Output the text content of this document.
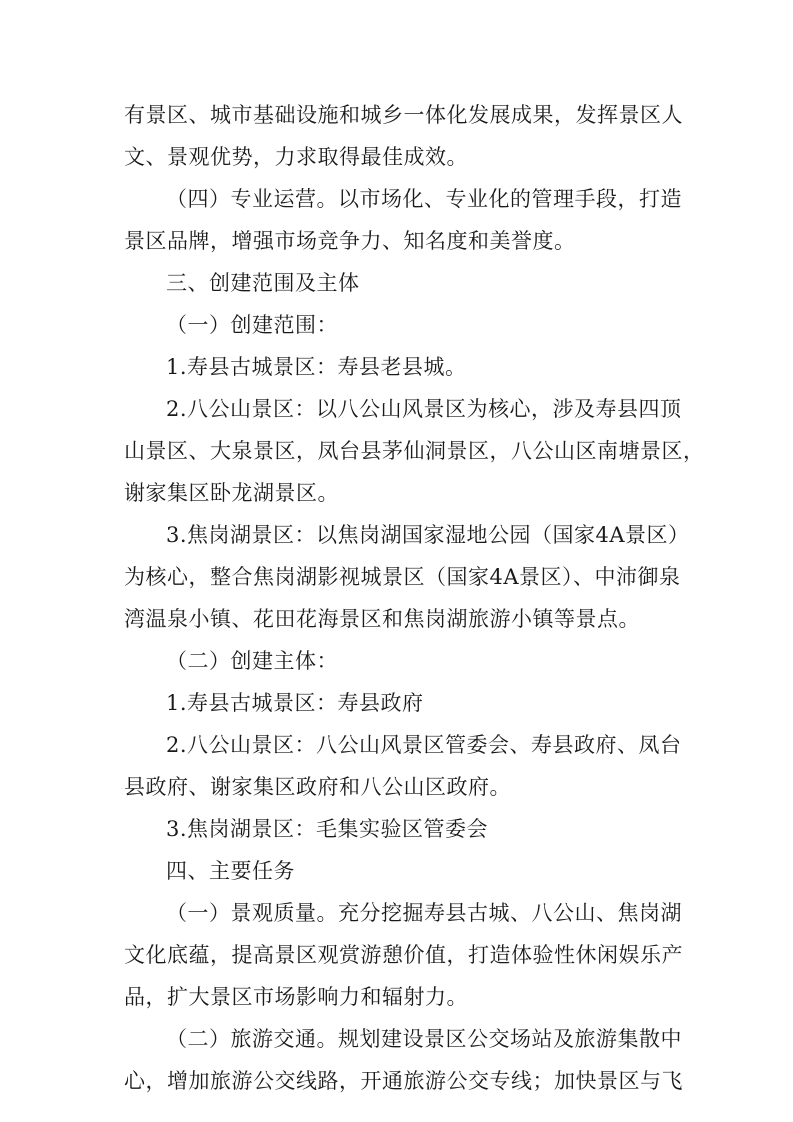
有景区、城市基础设施和城乡一体化发展成果，发挥景区人
文、景观优势，力求取得最佳成效。
（四）专业运营。以市场化、专业化的管理手段，打造
景区品牌，增强市场竞争力、知名度和美誉度。
三、创建范围及主体
（一）创建范围：
1.寿县古城景区：寿县老县城。
2.八公山景区：以八公山风景区为核心，涉及寿县四顶
山景区、大泉景区，凤台县茅仙洞景区，八公山区南塘景区，
谢家集区卧龙湖景区。
3.焦岗湖景区：以焦岗湖国家湿地公园（国家4A景区）
为核心，整合焦岗湖影视城景区（国家4A景区）、中沛御泉
湾温泉小镇、花田花海景区和焦岗湖旅游小镇等景点。
（二）创建主体：
1.寿县古城景区：寿县政府
2.八公山景区：八公山风景区管委会、寿县政府、凤台
县政府、谢家集区政府和八公山区政府。
3.焦岗湖景区：毛集实验区管委会
四、主要任务
（一）景观质量。充分挖掘寿县古城、八公山、焦岗湖
文化底蕴，提高景区观赏游憩价值，打造体验性休闲娱乐产
品，扩大景区市场影响力和辐射力。
（二）旅游交通。规划建设景区公交场站及旅游集散中
心，增加旅游公交线路，开通旅游公交专线；加快景区与飞
